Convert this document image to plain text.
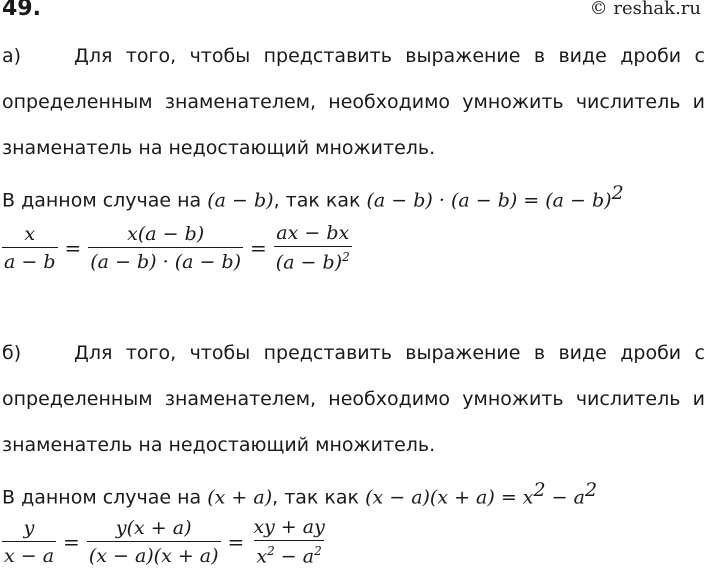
49.	© reshak.ru
а)	Для того, чтобы представить выражение в виде дроби с
определенным знаменателем, необходимо умножить числитель и
знаменатель на недостающий множитель.
В данном случае на (a − b), так как $(a - b) \cdot (a - b) = (a - b)^2$
$\frac{x}{a - b} = \frac{x(a - b)}{(a - b) \cdot (a - b)} = \frac{ax - bx}{(a - b)^2}$
б)	Для того, чтобы представить выражение в виде дроби с
определенным знаменателем, необходимо умножить числитель и
знаменатель на недостающий множитель.
В данном случае на (x + a), так как $(x - a)(x + a) = x^2 - a^2$
$\frac{y}{x - a} = \frac{y(x + a)}{(x - a)(x + a)} = \frac{xy + ay}{x^2 - a^2}$
